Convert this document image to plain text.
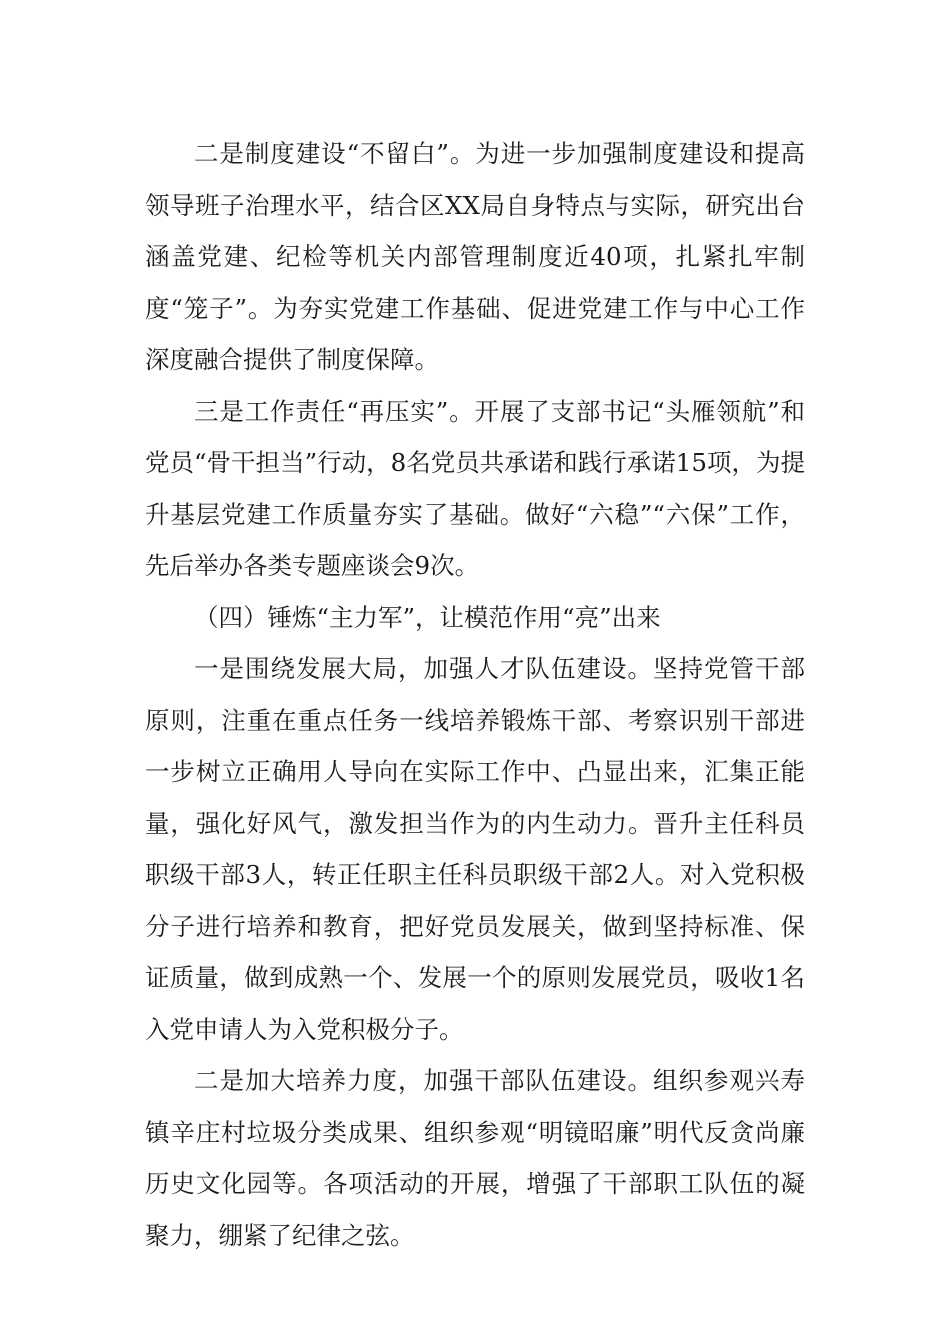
二是制度建设“不留白”。为进一步加强制度建设和提高领导班子治理水平，结合区XX局自身特点与实际，研究出台涵盖党建、纪检等机关内部管理制度近40项，扎紧扎牢制度“笼子”。为夯实党建工作基础、促进党建工作与中心工作深度融合提供了制度保障。

三是工作责任“再压实”。开展了支部书记“头雁领航”和党员“骨干担当”行动，8名党员共承诺和践行承诺15项，为提升基层党建工作质量夯实了基础。做好“六稳”“六保”工作，先后举办各类专题座谈会9次。

（四）锤炼“主力军”，让模范作用“亮”出来

一是围绕发展大局，加强人才队伍建设。坚持党管干部原则，注重在重点任务一线培养锻炼干部、考察识别干部进一步树立正确用人导向在实际工作中、凸显出来，汇集正能量，强化好风气，激发担当作为的内生动力。晋升主任科员职级干部3人，转正任职主任科员职级干部2人。对入党积极分子进行培养和教育，把好党员发展关，做到坚持标准、保证质量，做到成熟一个、发展一个的原则发展党员，吸收1名入党申请人为入党积极分子。

二是加大培养力度，加强干部队伍建设。组织参观兴寿镇辛庄村垃圾分类成果、组织参观“明镜昭廉”明代反贪尚廉历史文化园等。各项活动的开展，增强了干部职工队伍的凝聚力，绷紧了纪律之弦。
